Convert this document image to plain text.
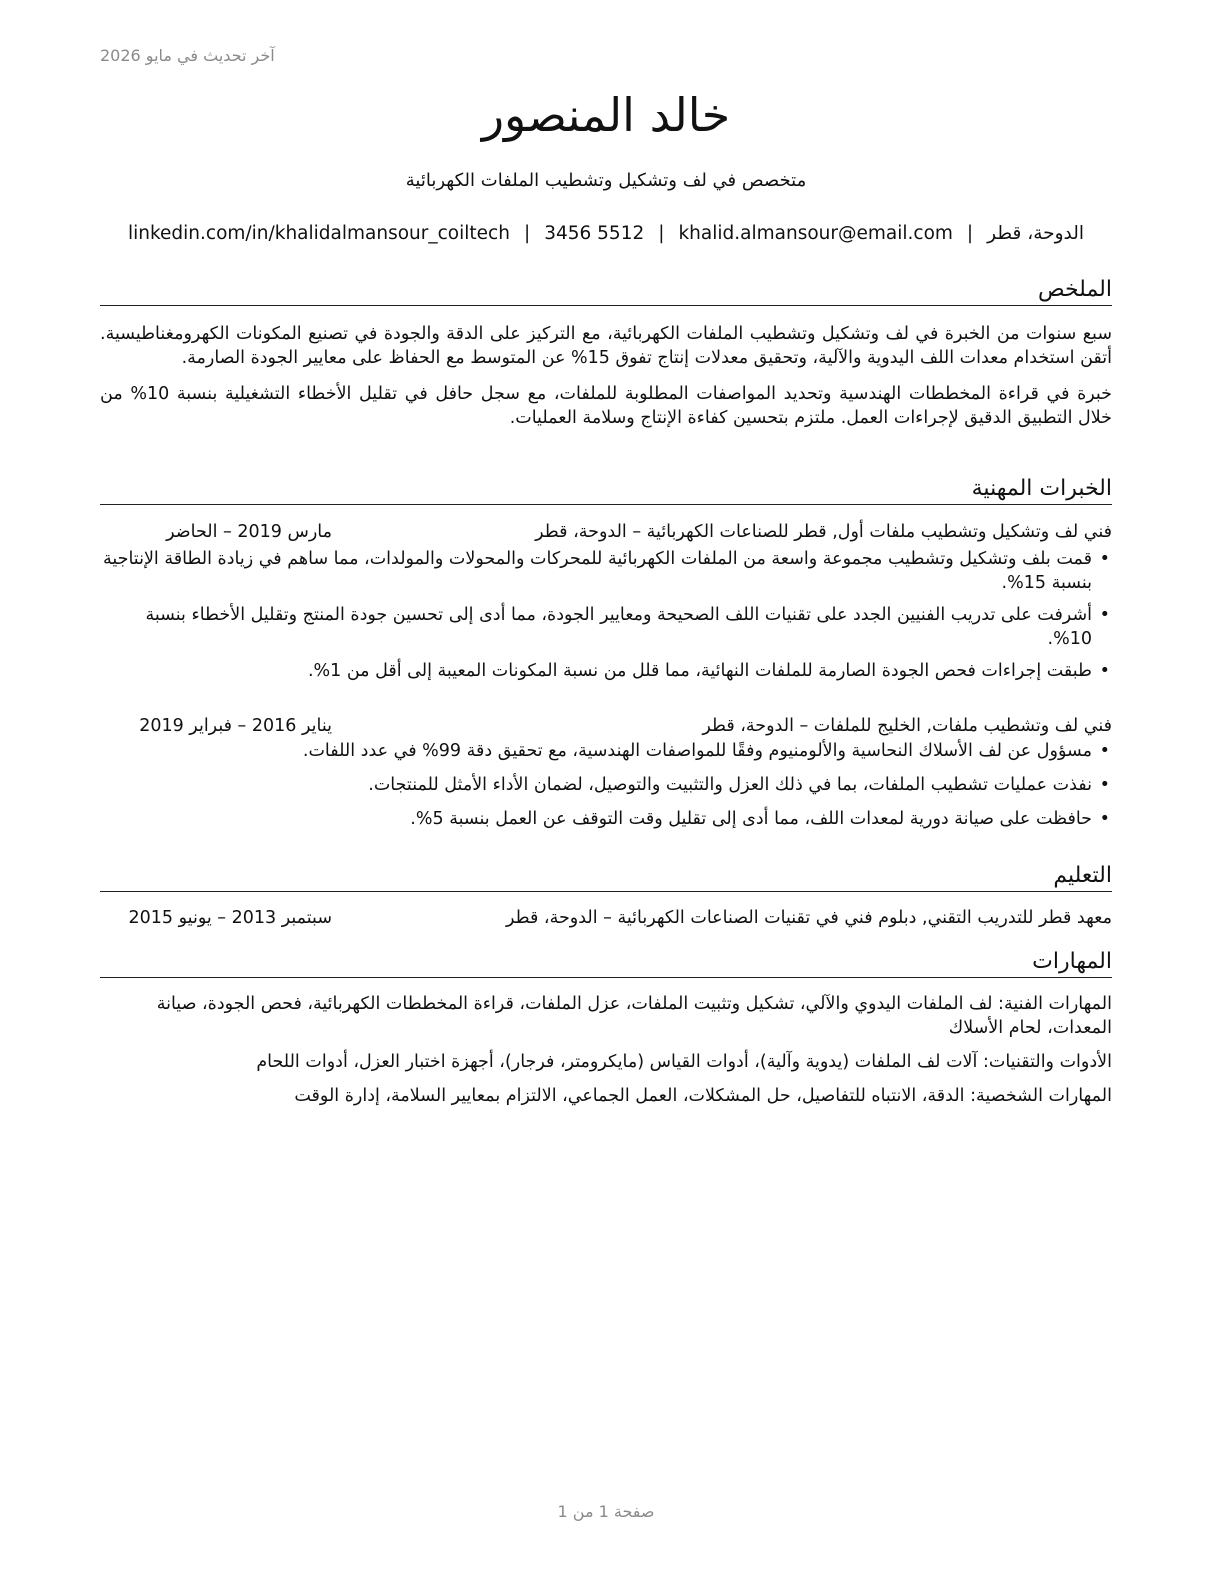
آخر تحديث في مايو 2026
خالد المنصور
متخصص في لف وتشكيل وتشطيب الملفات الكهربائية
الدوحة، قطر|khalid.almansour@email.com|3456 5512|linkedin.com/in/khalidalmansour_coiltech
الملخص

سبع سنوات من الخبرة في لف وتشكيل وتشطيب الملفات الكهربائية، مع التركيز على الدقة والجودة في تصنيع المكونات الكهرومغناطيسية. أتقن استخدام معدات اللف اليدوية والآلية، وتحقيق معدلات إنتاج تفوق 15% عن المتوسط مع الحفاظ على معايير الجودة الصارمة.

خبرة في قراءة المخططات الهندسية وتحديد المواصفات المطلوبة للملفات، مع سجل حافل في تقليل الأخطاء التشغيلية بنسبة 10% من خلال التطبيق الدقيق لإجراءات العمل. ملتزم بتحسين كفاءة الإنتاج وسلامة العمليات.

الخبرات المهنية
فني لف وتشكيل وتشطيب ملفات أول, قطر للصناعات الكهربائية – الدوحة، قطر
مارس 2019 – الحاضر
•
قمت بلف وتشكيل وتشطيب مجموعة واسعة من الملفات الكهربائية للمحركات والمحولات والمولدات، مما ساهم في زيادة الطاقة الإنتاجية بنسبة 15%.
•
أشرفت على تدريب الفنيين الجدد على تقنيات اللف الصحيحة ومعايير الجودة، مما أدى إلى تحسين جودة المنتج وتقليل الأخطاء بنسبة 10%.
•
طبقت إجراءات فحص الجودة الصارمة للملفات النهائية، مما قلل من نسبة المكونات المعيبة إلى أقل من 1%.
فني لف وتشطيب ملفات, الخليج للملفات – الدوحة، قطر
يناير 2016 – فبراير 2019
•
مسؤول عن لف الأسلاك النحاسية والألومنيوم وفقًا للمواصفات الهندسية، مع تحقيق دقة 99% في عدد اللفات.
•
نفذت عمليات تشطيب الملفات، بما في ذلك العزل والتثبيت والتوصيل، لضمان الأداء الأمثل للمنتجات.
•
حافظت على صيانة دورية لمعدات اللف، مما أدى إلى تقليل وقت التوقف عن العمل بنسبة 5%.
التعليم
معهد قطر للتدريب التقني, دبلوم فني في تقنيات الصناعات الكهربائية – الدوحة، قطر
سبتمبر 2013 – يونيو 2015
المهارات

المهارات الفنية: لف الملفات اليدوي والآلي، تشكيل وتثبيت الملفات، عزل الملفات، قراءة المخططات الكهربائية، فحص الجودة، صيانة المعدات، لحام الأسلاك

الأدوات والتقنيات: آلات لف الملفات (يدوية وآلية)، أدوات القياس (مايكرومتر، فرجار)، أجهزة اختبار العزل، أدوات اللحام

المهارات الشخصية: الدقة، الانتباه للتفاصيل، حل المشكلات، العمل الجماعي، الالتزام بمعايير السلامة، إدارة الوقت

صفحة 1 من 1
